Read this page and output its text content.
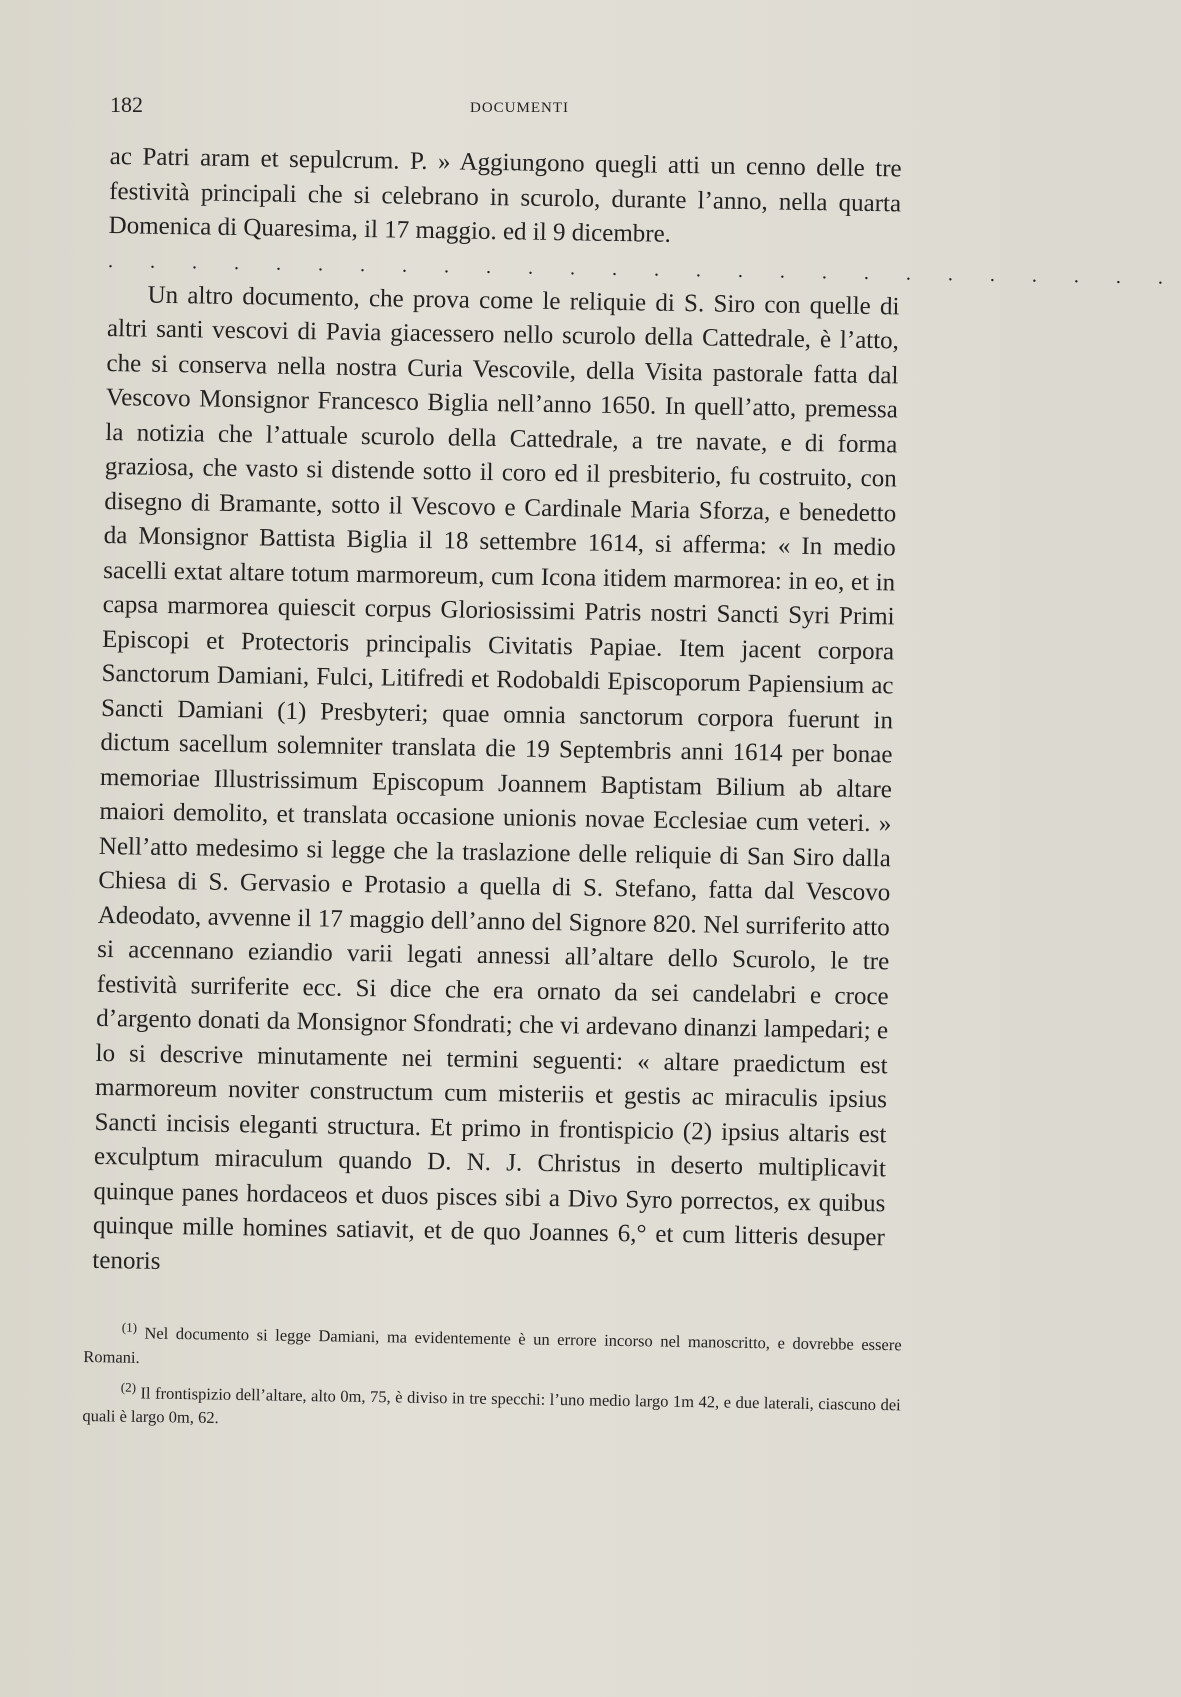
182	DOCUMENTI

ac Patri aram et sepulcrum. P. » Aggiungono quegli atti un cenno delle tre festività principali che si celebrano in scurolo, durante l’anno, nella quarta Domenica di Quaresima, il 17 maggio. ed il 9 dicembre.

. . . . . . . . . . . . . . . . . . . . . . . . . .

Un altro documento, che prova come le reliquie di S. Siro con quelle di altri santi vescovi di Pavia giacessero nello scurolo della Cattedrale, è l’atto, che si conserva nella nostra Curia Vescovile, della Visita pastorale fatta dal Vescovo Monsignor Francesco Biglia nell’anno 1650. In quell’atto, premessa la notizia che l’attuale scurolo della Cattedrale, a tre navate, e di forma graziosa, che vasto si distende sotto il coro ed il presbiterio, fu costruito, con disegno di Bramante, sotto il Vescovo e Cardinale Maria Sforza, e benedetto da Monsignor Battista Biglia il 18 settembre 1614, si afferma: « In medio sacelli extat altare totum marmoreum, cum Icona itidem marmorea: in eo, et in capsa marmorea quiescit corpus Gloriosissimi Patris nostri Sancti Syri Primi Episcopi et Protectoris principalis Civitatis Papiae. Item jacent corpora Sanctorum Damiani, Fulci, Litifredi et Rodobaldi Episcoporum Papiensium ac Sancti Damiani (1) Presbyteri; quae omnia sanctorum corpora fuerunt in dictum sacellum solemniter translata die 19 Septembris anni 1614 per bonae memoriae Illustrissimum Episcopum Joannem Baptistam Bilium ab altare maiori demolito, et translata occasione unionis novae Ecclesiae cum veteri. » Nell’atto medesimo si legge che la traslazione delle reliquie di San Siro dalla Chiesa di S. Gervasio e Protasio a quella di S. Stefano, fatta dal Vescovo Adeodato, avvenne il 17 maggio dell’anno del Signore 820. Nel surriferito atto si accennano eziandio varii legati annessi all’altare dello Scurolo, le tre festività surriferite ecc. Si dice che era ornato da sei candelabri e croce d’argento donati da Monsignor Sfondrati; che vi ardevano dinanzi lampedari; e lo si descrive minutamente nei termini seguenti: « altare praedictum est marmoreum noviter constructum cum misteriis et gestis ac miraculis ipsius Sancti incisis eleganti structura. Et primo in frontispicio (2) ipsius altaris est exculptum miraculum quando D. N. J. Christus in deserto multiplicavit quinque panes hordaceos et duos pisces sibi a Divo Syro porrectos, ex quibus quinque mille homines satiavit, et de quo Joannes 6,° et cum litteris desuper tenoris

$^{(1)}$ Nel documento si legge Damiani, ma evidentemente è un errore incorso nel manoscritto, e dovrebbe essere Romani.

$^{(2)}$ Il frontispizio dell’altare, alto 0m, 75, è diviso in tre specchi: l’uno medio largo 1m 42, e due laterali, ciascuno dei quali è largo 0m, 62.
